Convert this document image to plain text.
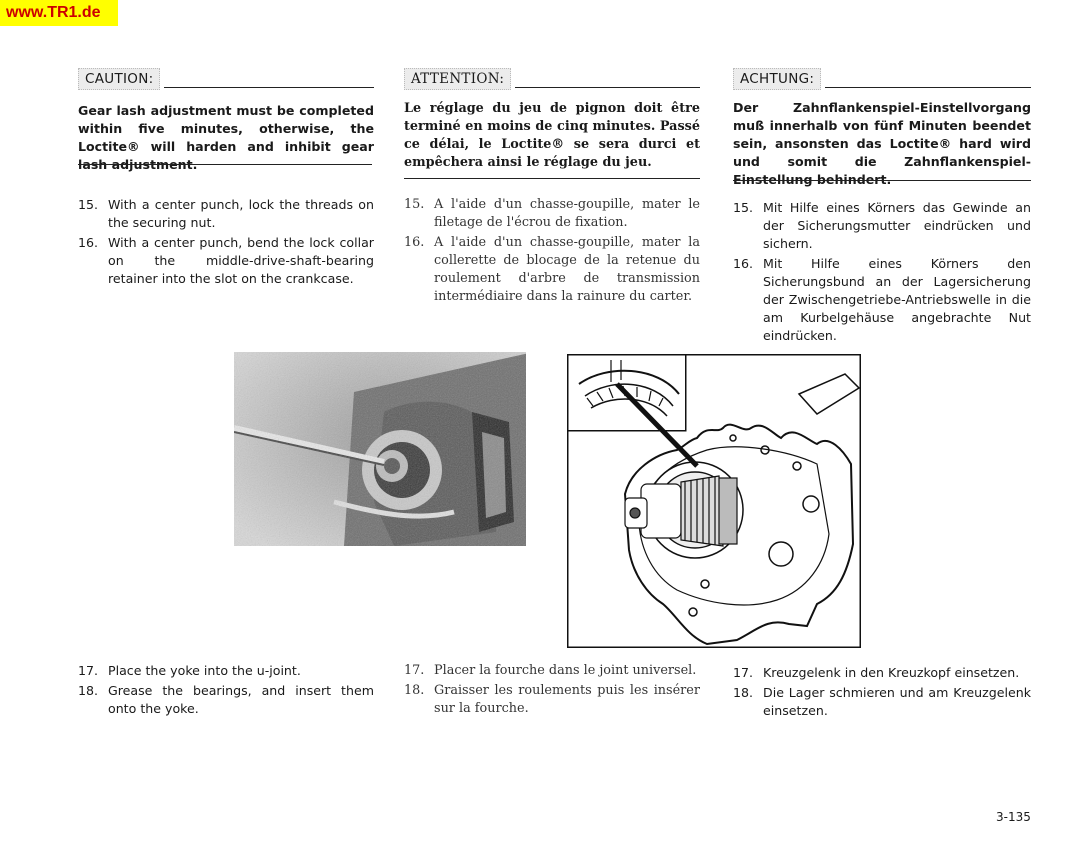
www.TR1.de
CAUTION:
Gear lash adjustment must be completed within five minutes, otherwise, the Loctite® will harden and inhibit gear lash adjustment.
ATTENTION:
Le réglage du jeu de pignon doit être terminé en moins de cinq minutes. Passé ce délai, le Loctite® se sera durci et empêchera ainsi le réglage du jeu.
ACHTUNG:
Der Zahnflankenspiel-Einstellvorgang muß innerhalb von fünf Minuten beendet sein, ansonsten das Loctite® hard wird und somit die Zahnflankenspiel-Einstellung behindert.
15. With a center punch, lock the threads on the securing nut.
16. With a center punch, bend the lock collar on the middle-drive-shaft-bearing retainer into the slot on the crankcase.
15. A l'aide d'un chasse-goupille, mater le filetage de l'écrou de fixation.
16. A l'aide d'un chasse-goupille, mater la collerette de blocage de la retenue du roulement d'arbre de transmission intermédiaire dans la rainure du carter.
15. Mit Hilfe eines Körners das Gewinde an der Sicherungsmutter eindrücken und sichern.
16. Mit Hilfe eines Körners den Sicherungsbund an der Lagersicherung der Zwischengetriebe-Antriebswelle in die am Kurbelgehäuse angebrachte Nut eindrücken.
17. Place the yoke into the u-joint.
18. Grease the bearings, and insert them onto the yoke.
17. Placer la fourche dans le joint universel.
18. Graisser les roulements puis les insérer sur la fourche.
17. Kreuzgelenk in den Kreuzkopf einsetzen.
18. Die Lager schmieren und am Kreuzgelenk einsetzen.
3-135
